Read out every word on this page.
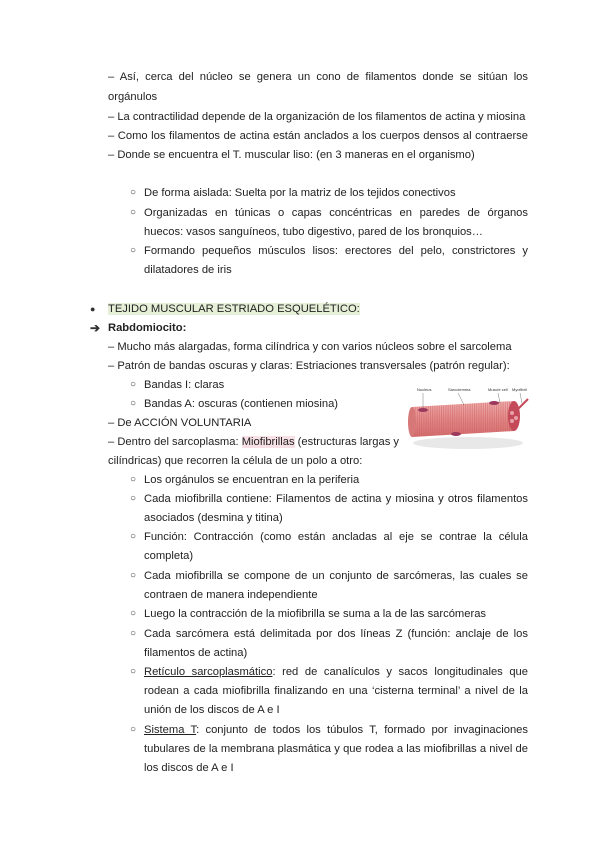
– Así, cerca del núcleo se genera un cono de filamentos donde se sitúan los
orgánulos
– La contractilidad depende de la organización de los filamentos de actina y miosina
– Como los filamentos de actina están anclados a los cuerpos densos al contraerse
– Donde se encuentra el T. muscular liso: (en 3 maneras en el organismo)
○ De forma aislada: Suelta por la matriz de los tejidos conectivos
○ Organizadas en túnicas o capas concéntricas en paredes de órganos
huecos: vasos sanguíneos, tubo digestivo, pared de los bronquios…
○ Formando pequeños músculos lisos: erectores del pelo, constrictores y
dilatadores de iris
● TEJIDO MUSCULAR ESTRIADO ESQUELÉTICO:
➔ Rabdomiocito:
– Mucho más alargadas, forma cilíndrica y con varios núcleos sobre el sarcolema
– Patrón de bandas oscuras y claras: Estriaciones transversales (patrón regular):
○ Bandas I: claras
○ Bandas A: oscuras (contienen miosina)
– De ACCIÓN VOLUNTARIA
– Dentro del sarcoplasma: Miofibrillas (estructuras largas y
cilíndricas) que recorren la célula de un polo a otro:
○ Los orgánulos se encuentran en la periferia
○ Cada miofibrilla contiene: Filamentos de actina y miosina y otros filamentos
asociados (desmina y titina)
○ Función: Contracción (como están ancladas al eje se contrae la célula
completa)
○ Cada miofibrilla se compone de un conjunto de sarcómeras, las cuales se
contraen de manera independiente
○ Luego la contracción de la miofibrilla se suma a la de las sarcómeras
○ Cada sarcómera está delimitada por dos líneas Z (función: anclaje de los
filamentos de actina)
○ Retículo sarcoplasmático: red de canalículos y sacos longitudinales que
rodean a cada miofibrilla finalizando en una ‘cisterna terminal’ a nivel de la
unión de los discos de A e I
○ Sistema T: conjunto de todos los túbulos T, formado por invaginaciones
tubulares de la membrana plasmática y que rodea a las miofibrillas a nivel de
los discos de A e I
Nucleus	Sarcolemma	Muscle cell Myofibril
